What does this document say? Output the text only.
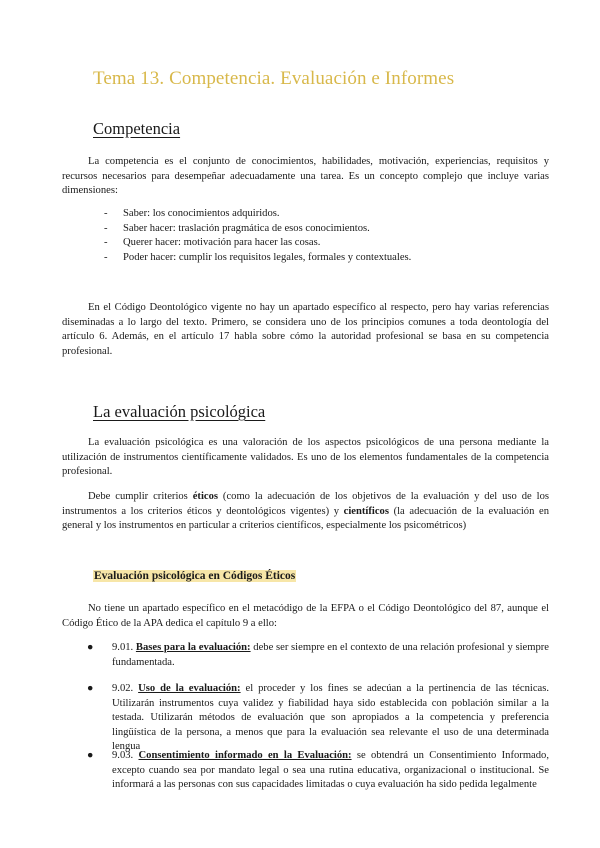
Tema 13. Competencia. Evaluación e Informes
Competencia

La competencia es el conjunto de conocimientos, habilidades, motivación, experiencias, requisitos y recursos necesarios para desempeñar adecuadamente una tarea. Es un concepto complejo que incluye varias dimensiones:

- Saber: los conocimientos adquiridos.
- Saber hacer: traslación pragmática de esos conocimientos.
- Querer hacer: motivación para hacer las cosas.
- Poder hacer: cumplir los requisitos legales, formales y contextuales.

En el Código Deontológico vigente no hay un apartado específico al respecto, pero hay varias referencias diseminadas a lo largo del texto. Primero, se considera uno de los principios comunes a toda deontología del artículo 6. Además, en el artículo 17 habla sobre cómo la autoridad profesional se basa en su competencia profesional.

La evaluación psicológica

La evaluación psicológica es una valoración de los aspectos psicológicos de una persona mediante la utilización de instrumentos científicamente validados. Es uno de los elementos fundamentales de la competencia profesional.

Debe cumplir criterios éticos (como la adecuación de los objetivos de la evaluación y del uso de los instrumentos a los criterios éticos y deontológicos vigentes) y científicos (la adecuación de la evaluación en general y los instrumentos en particular a criterios científicos, especialmente los psicométricos)

Evaluación psicológica en Códigos Éticos

No tiene un apartado específico en el metacódigo de la EFPA o el Código Deontológico del 87, aunque el Código Ético de la APA dedica el capítulo 9 a ello:

● 9.01. Bases para la evaluación: debe ser siempre en el contexto de una relación profesional y siempre fundamentada.
● 9.02. Uso de la evaluación: el proceder y los fines se adecúan a la pertinencia de las técnicas. Utilizarán instrumentos cuya validez y fiabilidad haya sido establecida con población similar a la testada. Utilizarán métodos de evaluación que son apropiados a la competencia y preferencia lingüística de la persona, a menos que para la evaluación sea relevante el uso de una determinada lengua
● 9.03. Consentimiento informado en la Evaluación: se obtendrá un Consentimiento Informado, excepto cuando sea por mandato legal o sea una rutina educativa, organizacional o institucional. Se informará a las personas con sus capacidades limitadas o cuya evaluación ha sido pedida legalmente
